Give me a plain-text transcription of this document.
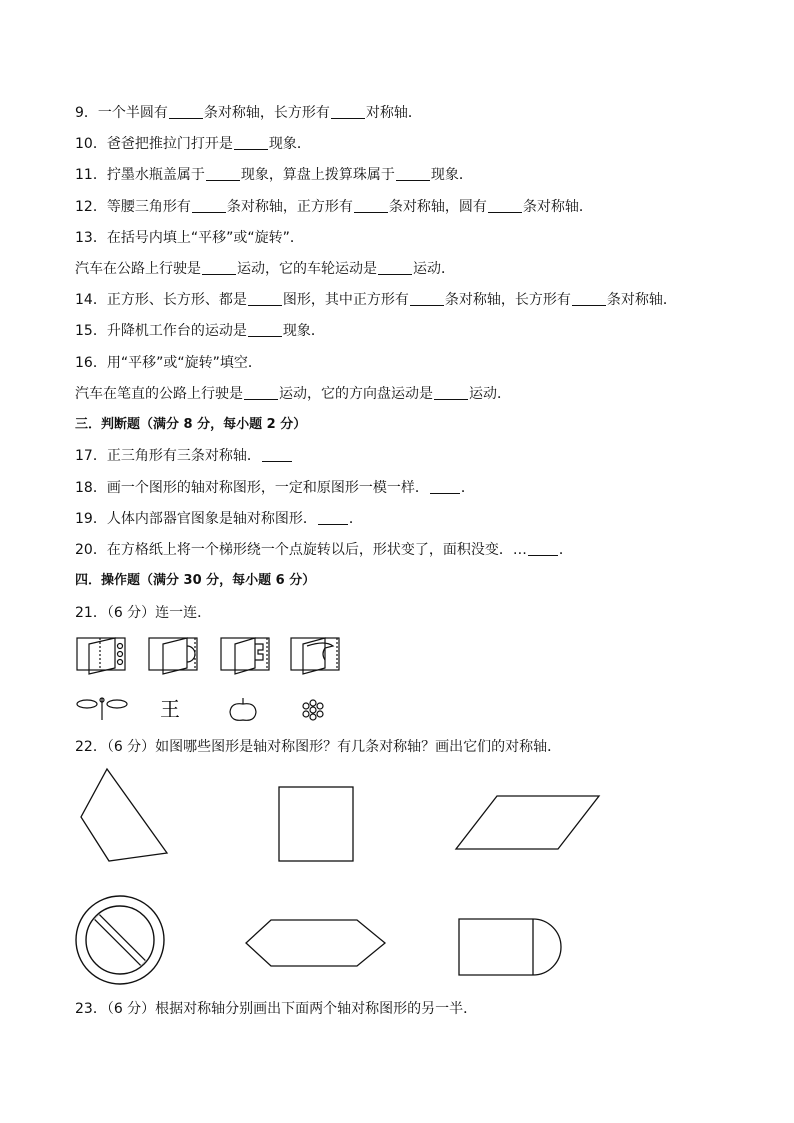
9．一个半圆有	条对称轴，长方形有	对称轴．
10．爸爸把推拉门打开是	现象．
11．拧墨水瓶盖属于	现象，算盘上拨算珠属于	现象．
12．等腰三角形有	条对称轴，正方形有	条对称轴，圆有	条对称轴．
13．在括号内填上“平移”或“旋转”．
汽车在公路上行驶是	运动，它的车轮运动是	运动．
14．正方形、长方形、都是	图形，其中正方形有	条对称轴，长方形有	条对称轴．
15．升降机工作台的运动是	现象．
16．用“平移”或“旋转”填空．
汽车在笔直的公路上行驶是	运动，它的方向盘运动是	运动．
三．判断题（满分 8 分，每小题 2 分）
17．正三角形有三条对称轴．
18．画一个图形的轴对称图形，一定和原图形一模一样． ．
19．人体内部器官图象是轴对称图形． ．
20．在方格纸上将一个梯形绕一个点旋转以后，形状变了，面积没变．… ．
四．操作题（满分 30 分，每小题 6 分）
21．（6 分）连一连．
王
22．（6 分）如图哪些图形是轴对称图形？有几条对称轴？画出它们的对称轴．
23．（6 分）根据对称轴分别画出下面两个轴对称图形的另一半．
